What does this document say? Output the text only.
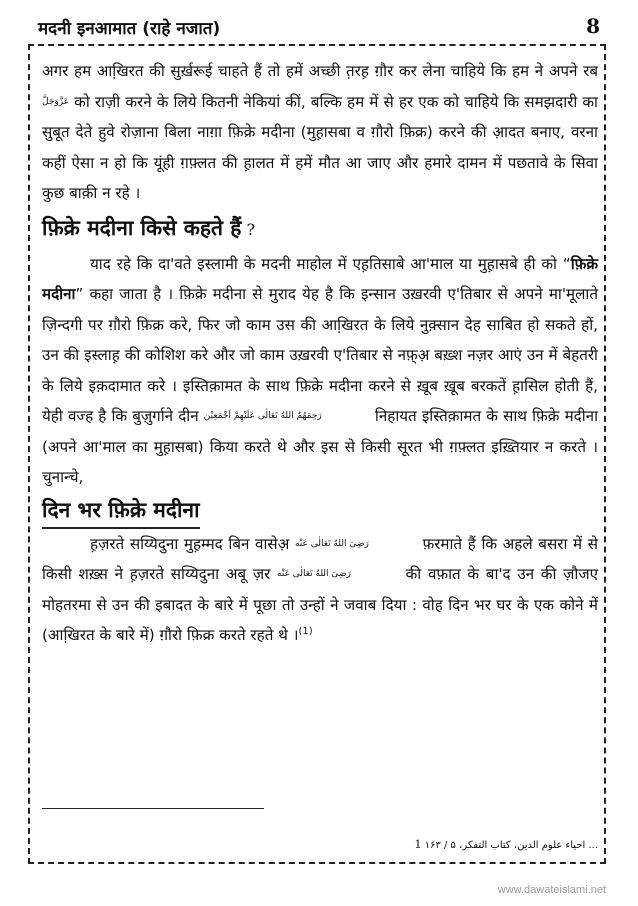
मदनी इनआमात (राहे नजात)	8

अगर हम आखि़रत की सुर्ख़रूई चाहते हैं तो हमें अच्छी त़रह़ ग़ौर कर लेना चाहिये कि हम ने अपने रब عَزَّوَجَلَّ को राज़ी करने के लिये कितनी नेकियां कीं, बल्कि हम में से हर एक को चाहिये कि समझदारी का सुबूत देते हुवे रोज़ाना बिला नाग़ा फ़िक्रे मदीना (मुह़ासबा व ग़ौरो फ़िक्र) करने की आ़दत बनाए, वरना कहीं ऐसा न हो कि यूंही ग़फ़्लत की ह़ालत में हमें मौत आ जाए और हमारे दामन में पछतावे के सिवा कुछ बाक़ी न रहे ।

फ़िक्रे मदीना किसे कहते हैं ?

याद रहे कि दा'वते इस्लामी के मदनी माहोल में एह़तिसाबे आ'माल या मुह़ासबे ही को “फ़िक्रे मदीना” कहा जाता है । फ़िक्रे मदीना से मुराद येह है कि इन्सान उख़रवी ए'तिबार से अपने मा'मूलाते ज़िन्दगी पर ग़ौरो फ़िक्र करे, फिर जो काम उस की आखि़रत के लिये नुक़्सान देह साबित हो सकते हों, उन की इस्लाह़ की कोशिश करे और जो काम उख़रवी ए'तिबार से नफ़्अ़ बख़्श नज़र आएं उन में बेहतरी के लिये इक़दामात करे । इस्तिक़ामत के साथ फ़िक्रे मदीना करने से ख़ूब ख़ूब बरकतें ह़ासिल होती हैं, येही वज्ह है कि बुज़ुर्गाने दीन رَحِمَهُمُ اللهُ تَعَالٰی عَلَیْهِمْ اَجْمَعِیْن	निहायत इस्तिक़ामत के साथ फ़िक्रे मदीना (अपने आ'माल का मुह़ासबा) किया करते थे और इस से किसी सूरत भी ग़फ़्लत इख़्तियार न करते । चुनान्चे,

दिन भर फ़िक्रे मदीना

ह़ज़रते सय्यिदुना मुह़म्मद बिन वासेअ़ رَضِیَ اللهُ تَعَالٰی عَنْه	फ़रमाते हैं कि अहले बसरा में से किसी शख़्स ने ह़ज़रते सय्यिदुना अबू ज़र رَضِیَ اللهُ تَعَالٰی عَنْه	की वफ़ात के बा'द उन की ज़ौजए मोहतरमा से उन की इबादत के बारे में पूछा तो उन्हों ने जवाब दिया : वोह दिन भर घर के एक कोने में (आखि़रत के बारे में) ग़ौरो फ़िक्र करते रहते थे ।$^{(1)}$

... احیاء علوم الدین، کتاب التفکر، ۵ / ۱۶۳ 1
www.dawateislami.net
